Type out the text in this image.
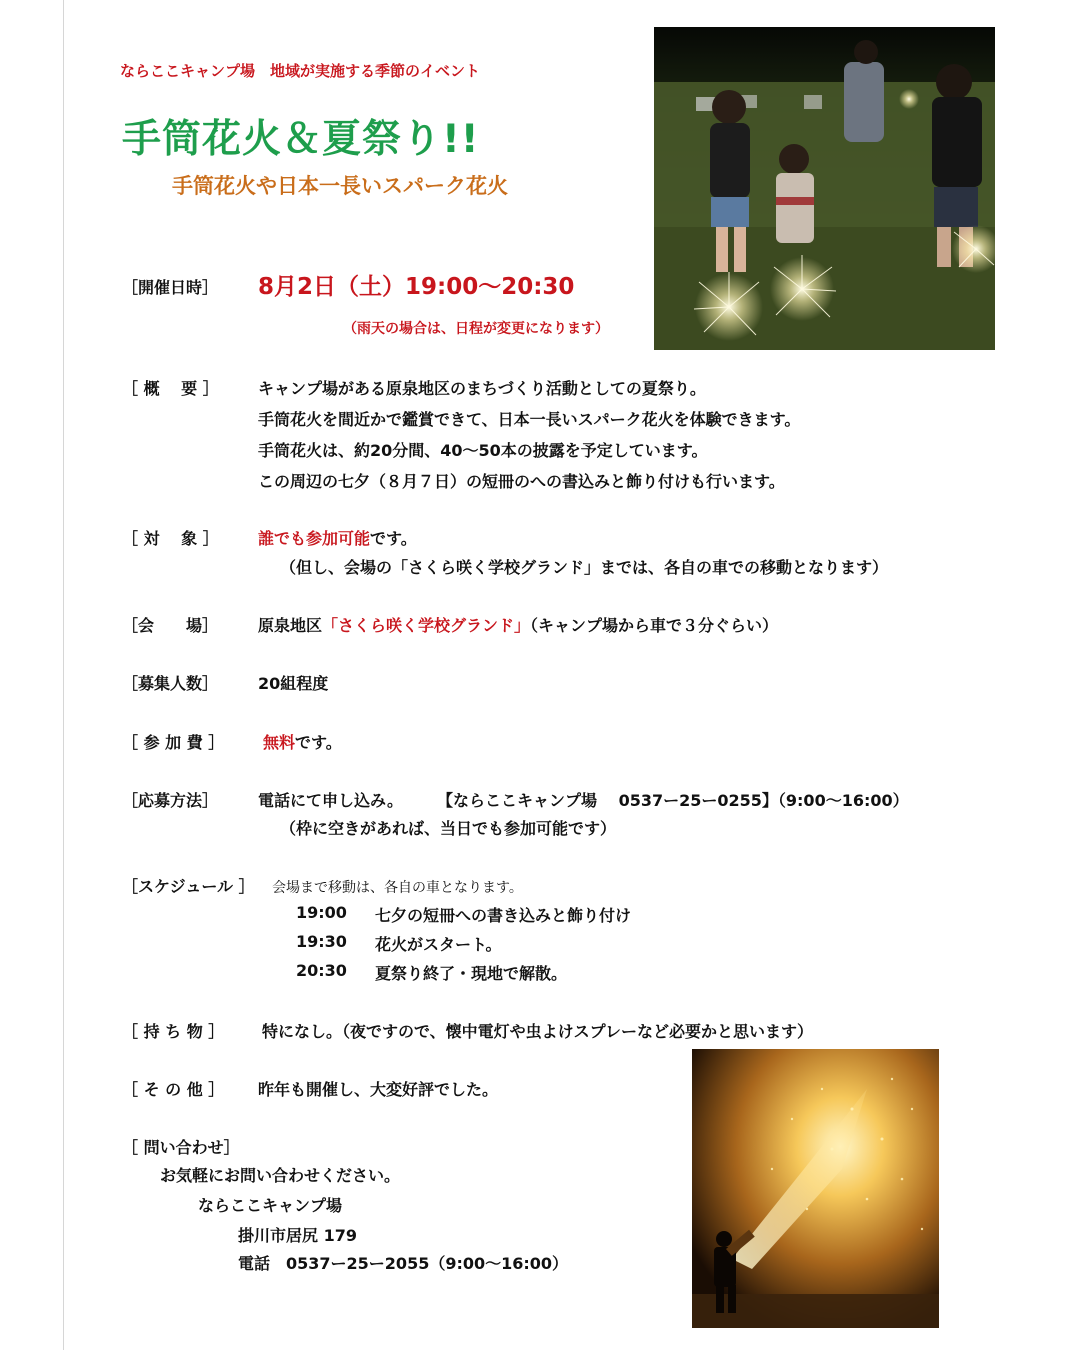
ならここキャンプ場　地域が実施する季節のイベント
手筒花火＆夏祭り!!
手筒花火や日本一長いスパーク花火
［開催日時］ 8月2日（土）19:00～20:30
（雨天の場合は、日程が変更になります）
［ 概　 要 ］ キャンプ場がある原泉地区のまちづくり活動としての夏祭り。
手筒花火を間近かで鑑賞できて、日本一長いスパーク花火を体験できます。
手筒花火は、約20分間、40～50本の披露を予定しています。
この周辺の七夕（８月７日）の短冊のへの書込みと飾り付けも行います。
［ 対　 象 ］ 誰でも参加可能です。
（但し、会場の「さくら咲く学校グランド」までは、各自の車での移動となります）
［会　　場］ 原泉地区「さくら咲く学校グランド」（キャンプ場から車で３分ぐらい）
［募集人数］ 20組程度
［ 参 加 費 ］ 無料です。
［応募方法］ 電話にて申し込み。 【ならここキャンプ場　 0537ー25ー0255】（9:00～16:00）
（枠に空きがあれば、当日でも参加可能です）
［スケジュール ］ 会場まで移動は、各自の車となります。
19:00 七夕の短冊への書き込みと飾り付け
19:30 花火がスタート。
20:30 夏祭り終了・現地で解散。
［ 持 ち 物 ］ 特になし。（夜ですので、懐中電灯や虫よけスプレーなど必要かと思います）
［ そ の 他 ］ 昨年も開催し、大変好評でした。
［ 問い合わせ］
お気軽にお問い合わせください。
ならここキャンプ場
掛川市居尻 179
電話　0537ー25ー2055（9:00～16:00）
